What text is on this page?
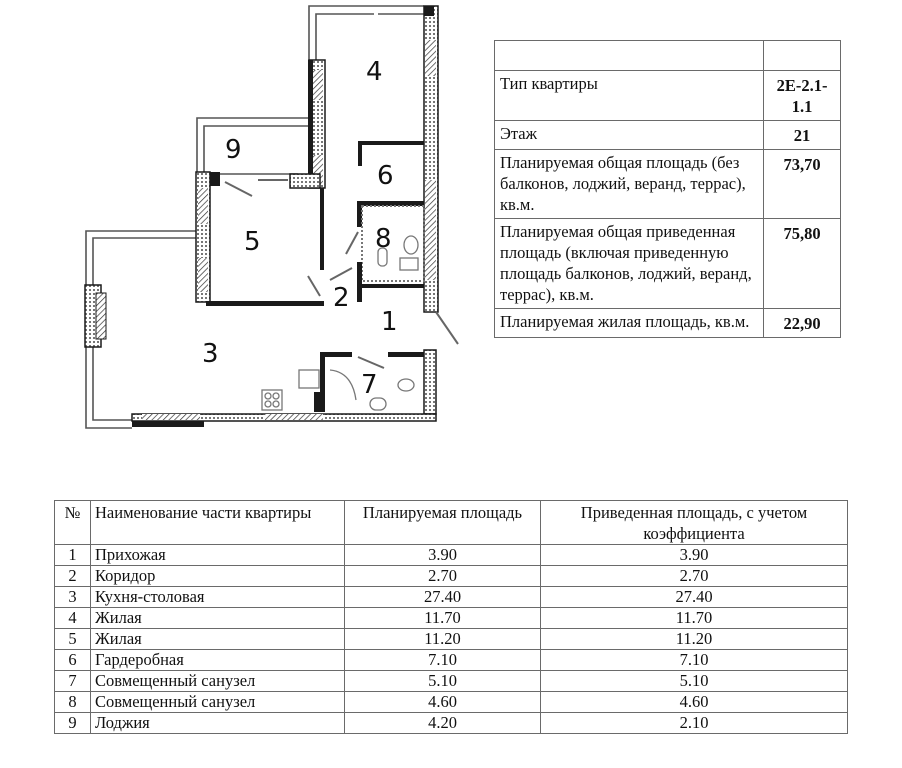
1
2
3
4
5
6
7
8
9

Тип квартиры	2E-2.1-1.1
Этаж	21
Планируемая общая площадь (без балконов, лоджий, веранд, террас), кв.м.	73,70
Планируемая общая приведенная площадь (включая приведенную площадь балконов, лоджий, веранд, террас), кв.м.	75,80
Планируемая жилая площадь, кв.м.	22,90
№	Наименование части квартиры	Планируемая площадь	Приведенная площадь, с учетом коэффициента
1	Прихожая	3.90	3.90
2	Коридор	2.70	2.70
3	Кухня-столовая	27.40	27.40
4	Жилая	11.70	11.70
5	Жилая	11.20	11.20
6	Гардеробная	7.10	7.10
7	Совмещенный санузел	5.10	5.10
8	Совмещенный санузел	4.60	4.60
9	Лоджия	4.20	2.10
